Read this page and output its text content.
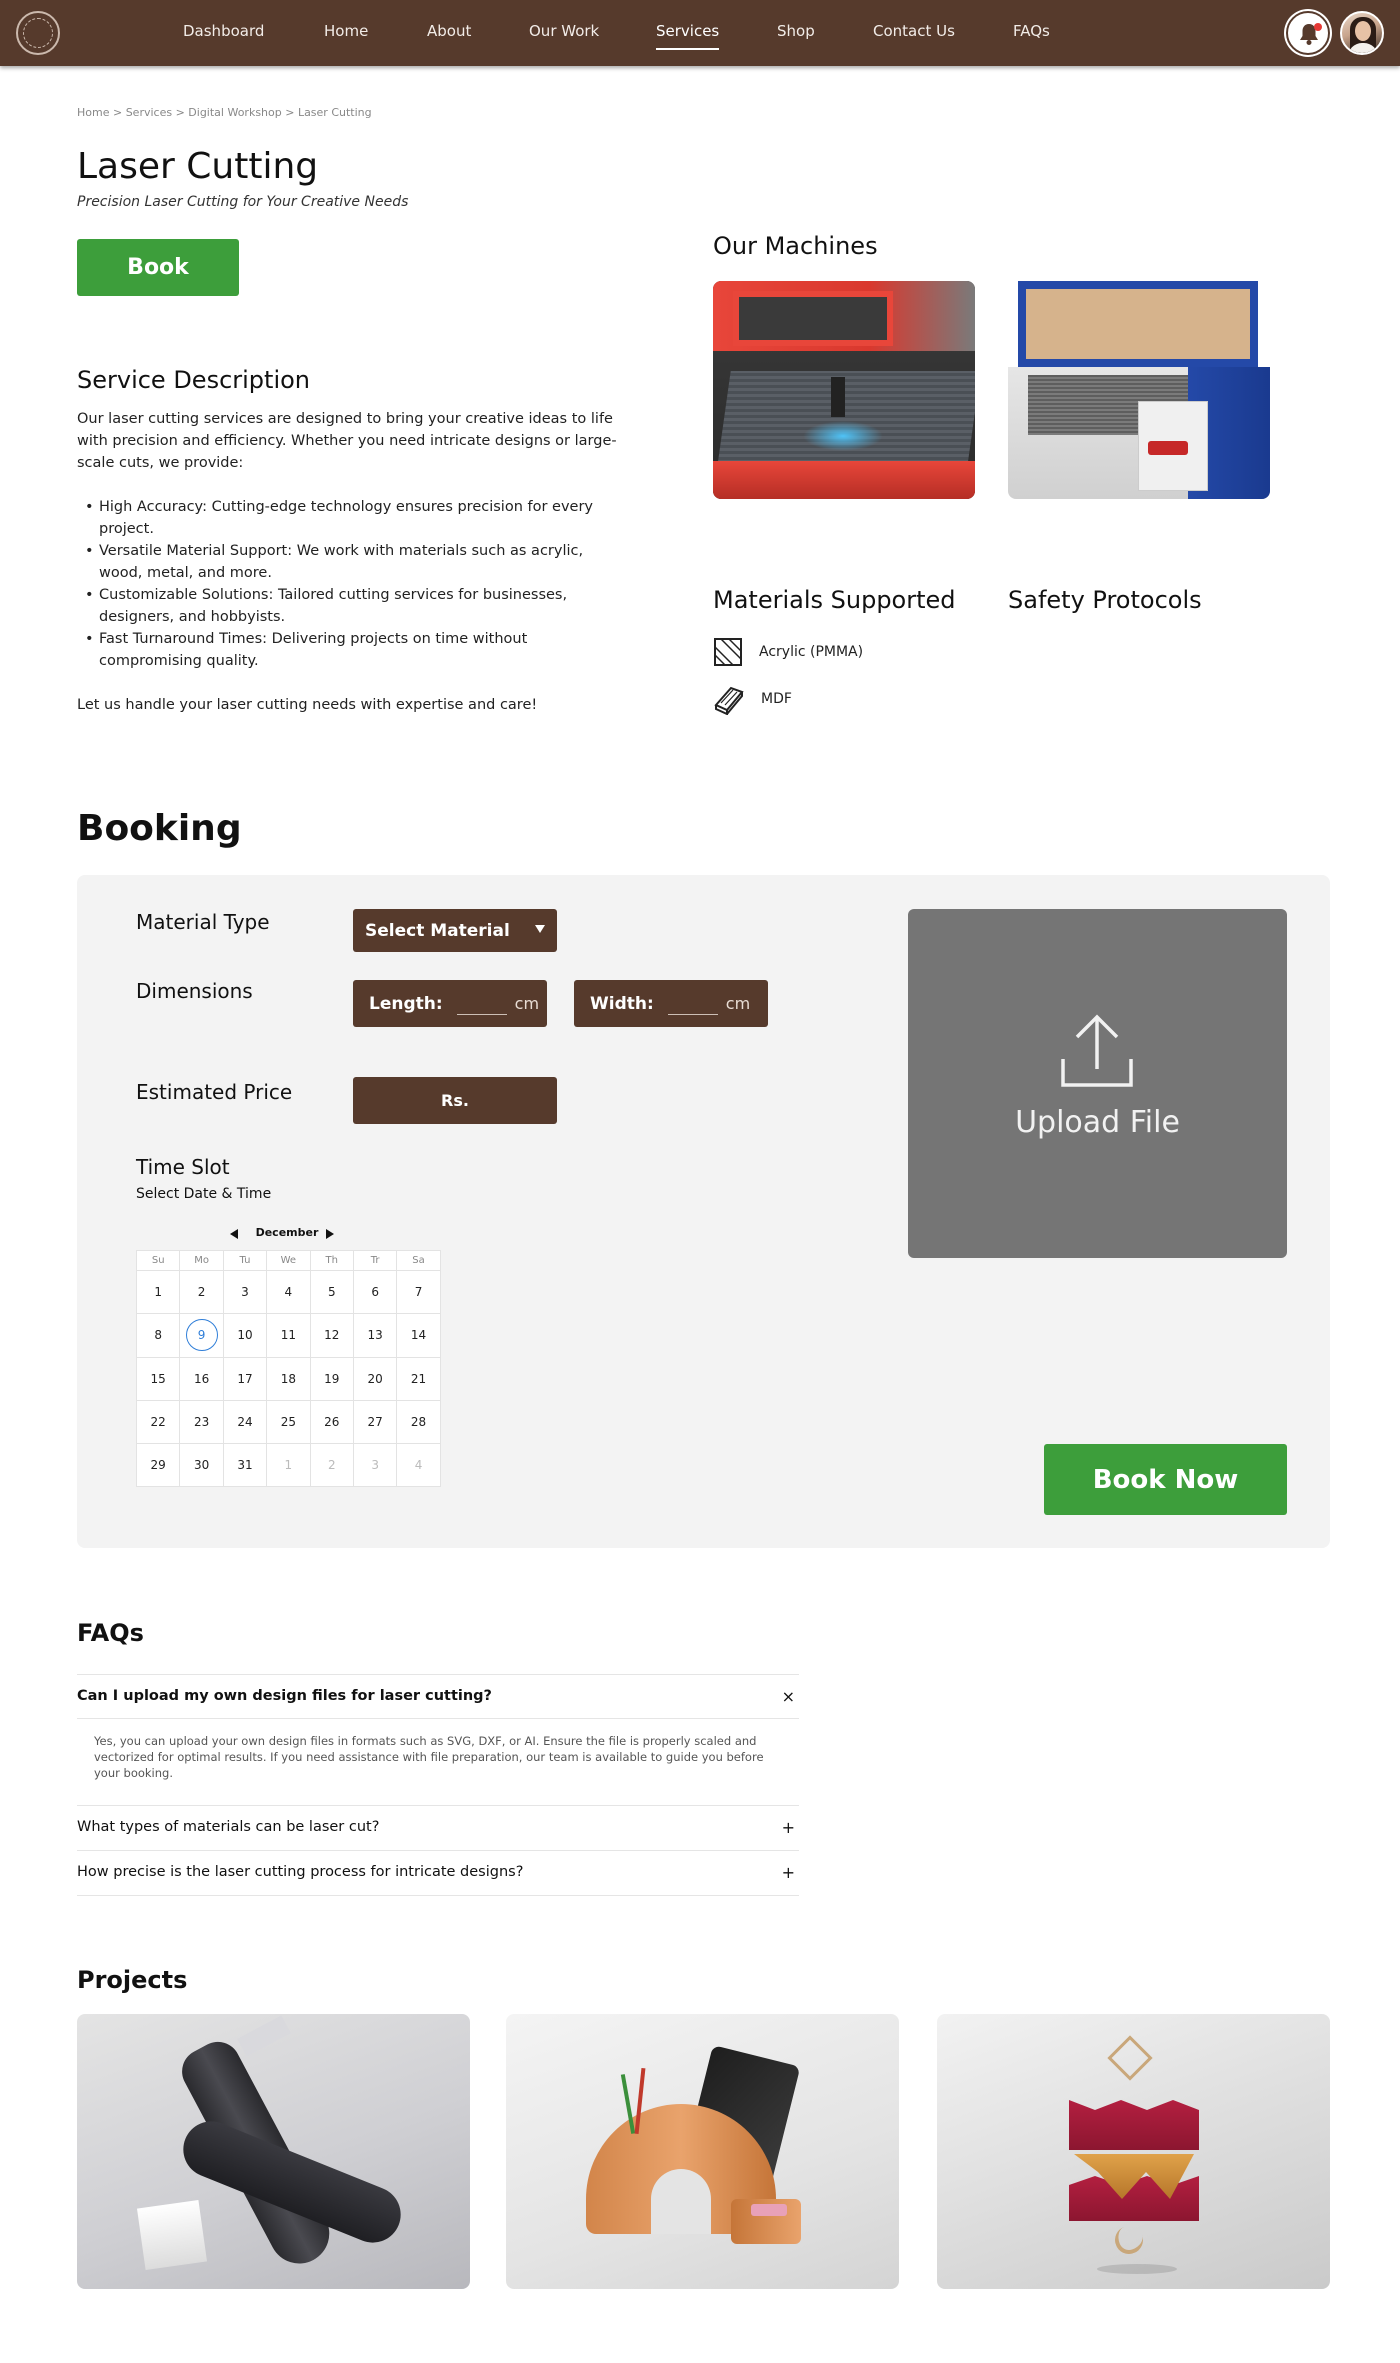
Dashboard	Home	About	Our Work	Services	Shop	Contact Us	FAQs
Home > Services > Digital Workshop > Laser Cutting
Laser Cutting
Precision Laser Cutting for Your Creative Needs
Book
Service Description

Our laser cutting services are designed to bring your creative ideas to life with precision and efficiency. Whether you need intricate designs or large-scale cuts, we provide:

• High Accuracy: Cutting-edge technology ensures precision for every project.
• Versatile Material Support: We work with materials such as acrylic, wood, metal, and more.
• Customizable Solutions: Tailored cutting services for businesses, designers, and hobbyists.
• Fast Turnaround Times: Delivering projects on time without compromising quality.

Let us handle your laser cutting needs with expertise and care!

Our Machines
Materials Supported Safety Protocols
Acrylic (PMMA)
MDF
Booking
Material Type	Select Material
Dimensions
Length:	cm	Width:	cm
Estimated Price	Rs.
Time Slot
Select Date & Time
December
Su	Mo	Tu	We	Th	Tr	Sa
1	2	3	4	5	6	7
8	9	10	11	12	13	14
15	16	17	18	19	20	21
22	23	24	25	26	27	28
29	30	31	1	2	3	4
Upload File
Book Now
FAQs
Can I upload my own design files for laser cutting?	×
Yes, you can upload your own design files in formats such as SVG, DXF, or AI. Ensure the file is properly scaled and vectorized for optimal results. If you need assistance with file preparation, our team is available to guide you before your booking.
What types of materials can be laser cut?	+
How precise is the laser cutting process for intricate designs?	+
Projects
